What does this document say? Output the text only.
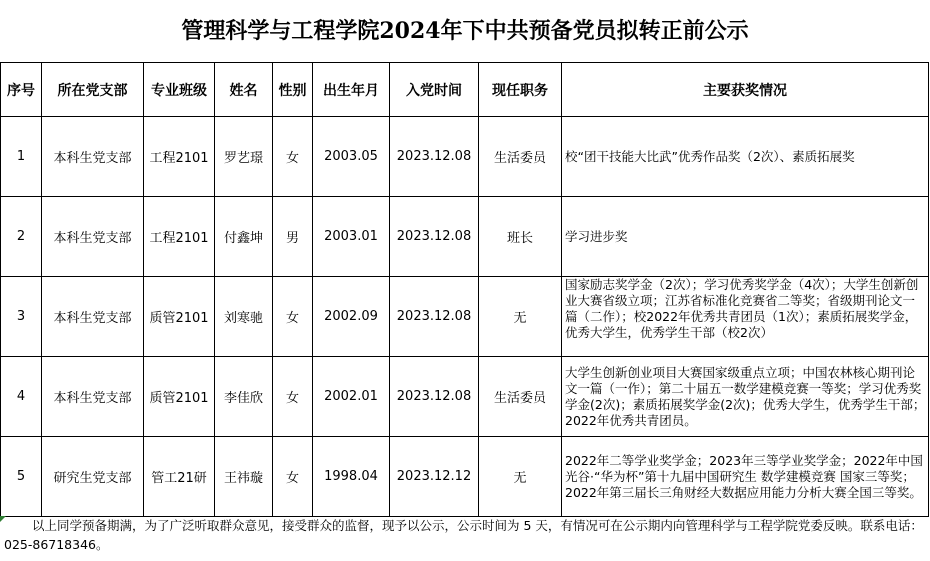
管理科学与工程学院2024年下中共预备党员拟转正前公示
序号	所在党支部	专业班级	姓名	性别	出生年月	入党时间	现任职务	主要获奖情况
1	本科生党支部	工程2101	罗艺璟	女	2003.05	2023.12.08	生活委员	校“团干技能大比武”优秀作品奖（2次）、素质拓展奖

2	本科生党支部	工程2101	付鑫坤	男	2003.01	2023.12.08	班长	学习进步奖

3	本科生党支部	质管2101	刘寒驰	女	2002.09	2023.12.08	无	国家励志奖学金（2次）；学习优秀奖学金（4次）；大学生创新创业大赛省级立项；江苏省标准化竞赛省二等奖；省级期刊论文一篇（二作）；校2022年优秀共青团员（1次）；素质拓展奖学金，优秀大学生，优秀学生干部（校2次）

4	本科生党支部	质管2101	李佳欣	女	2002.01	2023.12.08	生活委员	大学生创新创业项目大赛国家级重点立项；中国农林核心期刊论文一篇（一作）；第二十届五一数学建模竞赛一等奖；学习优秀奖学金(2次)；素质拓展奖学金(2次)；优秀大学生，优秀学生干部；2022年优秀共青团员。

5	研究生党支部	管工21研	王祎璇	女	1998.04	2023.12.12	无	2022年二等学业奖学金；2023年三等学业奖学金；2022年中国光谷·“华为杯”第十九届中国研究生 数学建模竞赛 国家三等奖；2022年第三届长三角财经大数据应用能力分析大赛全国三等奖。
以上同学预备期满，为了广泛听取群众意见，接受群众的监督，现予以公示，公示时间为 5 天，有情况可在公示期内向管理科学与工程学院党委反映。联系电话：025-86718346。
